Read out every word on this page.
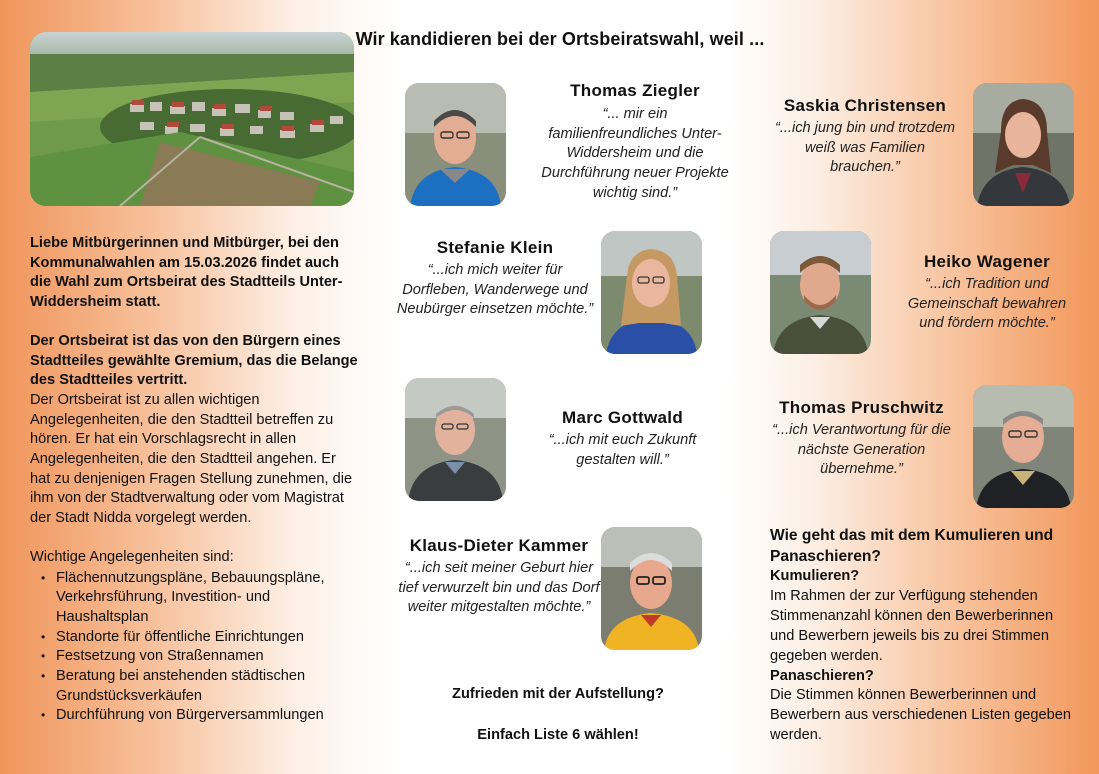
Liebe Mitbürgerinnen und Mitbürger, bei den Kommunalwahlen am 15.03.2026 findet auch die Wahl zum Ortsbeirat des Stadtteils Unter-Widdersheim statt.

Der Ortsbeirat ist das von den Bürgern eines Stadtteiles gewählte Gremium, das die Belange des Stadtteiles vertritt.

Der Ortsbeirat ist zu allen wichtigen Angelegenheiten, die den Stadtteil betreffen zu hören. Er hat ein Vorschlagsrecht in allen Angelegenheiten, die den Stadtteil angehen. Er hat zu denjenigen Fragen Stellung zunehmen, die ihm von der Stadtverwaltung oder vom Magistrat der Stadt Nidda vorgelegt werden.

Wichtige Angelegenheiten sind:

• Flächennutzungspläne, Bebauungspläne, Verkehrsführung, Investition- und Haushaltsplan
• Standorte für öffentliche Einrichtungen
• Festsetzung von Straßennamen
• Beratung bei anstehenden städtischen Grundstücksverkäufen
• Durchführung von Bürgerversammlungen
Wir kandidieren bei der Ortsbeiratswahl, weil ...
Thomas Ziegler
“... mir ein familienfreundliches Unter-Widdersheim und die Durchführung neuer Projekte wichtig sind.”
Stefanie Klein
“...ich mich weiter für Dorfleben, Wanderwege und Neubürger einsetzen möchte.”
Marc Gottwald
“...ich mit euch Zukunft gestalten will.”
Klaus-Dieter Kammer
“...ich seit meiner Geburt hier tief verwurzelt bin und das Dorf weiter mitgestalten möchte.”
Saskia Christensen
“...ich jung bin und trotzdem weiß was Familien brauchen.”
Heiko Wagener
“...ich Tradition und Gemeinschaft bewahren und fördern möchte.”
Thomas Pruschwitz
“...ich Verantwortung für die nächste Generation übernehme.”
Zufrieden mit der Aufstellung?
Einfach Liste 6 wählen!

Wie geht das mit dem Kumulieren und Panaschieren?

Kumulieren?

Im Rahmen der zur Verfügung stehenden Stimmenanzahl können den Bewerberinnen und Bewerbern jeweils bis zu drei Stimmen gegeben werden.

Panaschieren?

Die Stimmen können Bewerberinnen und Bewerbern aus verschiedenen Listen gegeben werden.
